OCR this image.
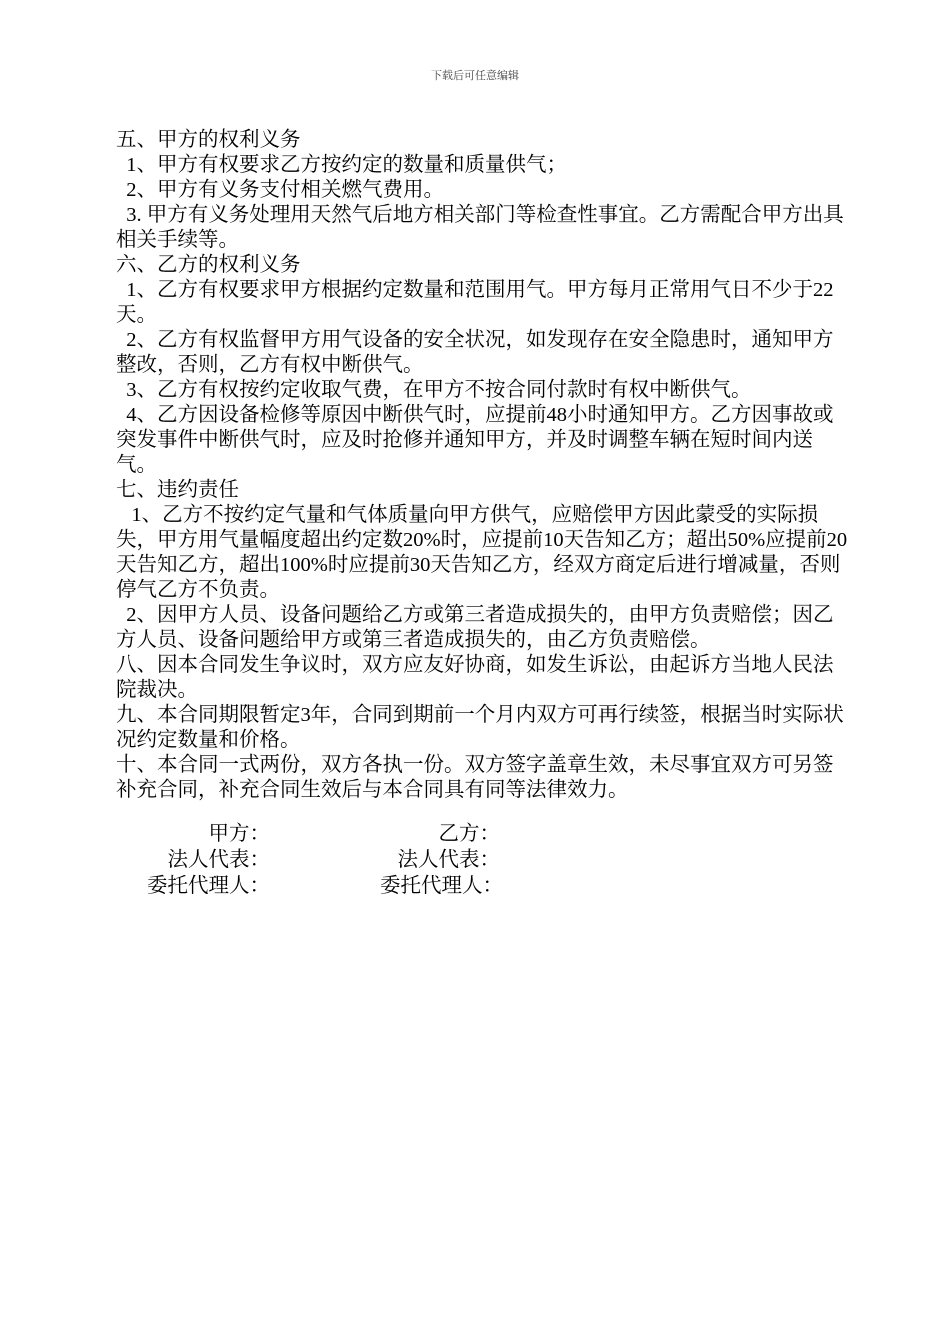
下载后可任意编辑

五、甲方的权利义务

1、甲方有权要求乙方按约定的数量和质量供气；

2、甲方有义务支付相关燃气费用。

3. 甲方有义务处理用天然气后地方相关部门等检查性事宜。乙方需配合甲方出具相关手续等。

六、乙方的权利义务

1、乙方有权要求甲方根据约定数量和范围用气。甲方每月正常用气日不少于22天。

2、乙方有权监督甲方用气设备的安全状况，如发现存在安全隐患时，通知甲方整改，否则，乙方有权中断供气。

3、乙方有权按约定收取气费，在甲方不按合同付款时有权中断供气。

4、乙方因设备检修等原因中断供气时，应提前48小时通知甲方。乙方因事故或突发事件中断供气时，应及时抢修并通知甲方，并及时调整车辆在短时间内送气。

七、违约责任

1、乙方不按约定气量和气体质量向甲方供气，应赔偿甲方因此蒙受的实际损失，甲方用气量幅度超出约定数20%时，应提前10天告知乙方；超出50%应提前20天告知乙方，超出100%时应提前30天告知乙方，经双方商定后进行增减量，否则停气乙方不负责。

2、因甲方人员、设备问题给乙方或第三者造成损失的，由甲方负责赔偿；因乙方人员、设备问题给甲方或第三者造成损失的，由乙方负责赔偿。

八、因本合同发生争议时，双方应友好协商，如发生诉讼，由起诉方当地人民法院裁决。

九、本合同期限暂定3年，合同到期前一个月内双方可再行续签，根据当时实际状况约定数量和价格。

十、本合同一式两份，双方各执一份。双方签字盖章生效，未尽事宜双方可另签补充合同，补充合同生效后与本合同具有同等法律效力。

甲方：
法人代表：
委托代理人：
乙方：
法人代表：
委托代理人：
